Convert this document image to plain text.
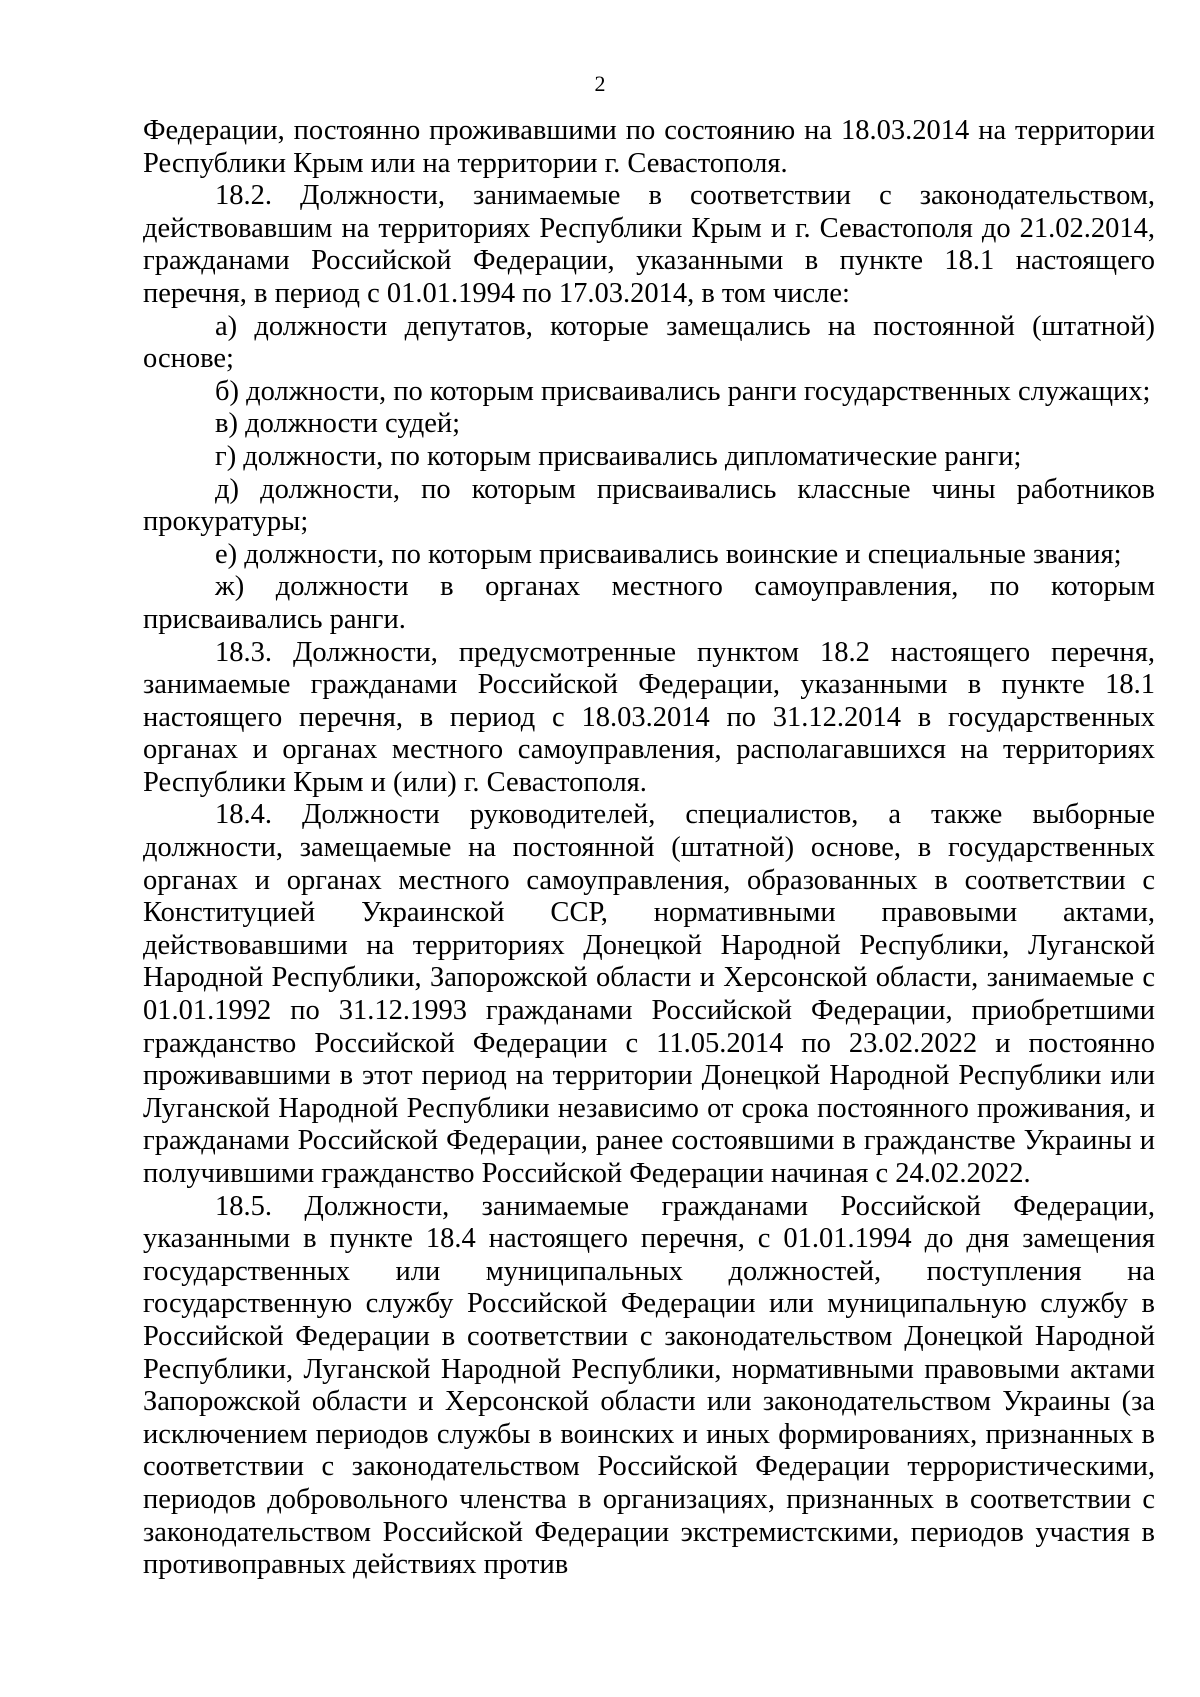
2

Федерации, постоянно проживавшими по состоянию на 18.03.2014 на территории Республики Крым или на территории г. Севастополя.

18.2. Должности, занимаемые в соответствии с законодательством, действовавшим на территориях Республики Крым и г. Севастополя до 21.02.2014, гражданами Российской Федерации, указанными в пункте 18.1 настоящего перечня, в период с 01.01.1994 по 17.03.2014, в том числе:

а) должности депутатов, которые замещались на постоянной (штатной) основе;

б) должности, по которым присваивались ранги государственных служащих;

в) должности судей;

г) должности, по которым присваивались дипломатические ранги;

д) должности, по которым присваивались классные чины работников прокуратуры;

е) должности, по которым присваивались воинские и специальные звания;

ж) должности в органах местного самоуправления, по которым присваивались ранги.

18.3. Должности, предусмотренные пунктом 18.2 настоящего перечня, занимаемые гражданами Российской Федерации, указанными в пункте 18.1 настоящего перечня, в период с 18.03.2014 по 31.12.2014 в государственных органах и органах местного самоуправления, располагавшихся на территориях Республики Крым и (или) г. Севастополя.

18.4. Должности руководителей, специалистов, а также выборные должности, замещаемые на постоянной (штатной) основе, в государственных органах и органах местного самоуправления, образованных в соответствии с Конституцией Украинской ССР, нормативными правовыми актами, действовавшими на территориях Донецкой Народной Республики, Луганской Народной Республики, Запорожской области и Херсонской области, занимаемые с 01.01.1992 по 31.12.1993 гражданами Российской Федерации, приобретшими гражданство Российской Федерации с 11.05.2014 по 23.02.2022 и постоянно проживавшими в этот период на территории Донецкой Народной Республики или Луганской Народной Республики независимо от срока постоянного проживания, и гражданами Российской Федерации, ранее состоявшими в гражданстве Украины и получившими гражданство Российской Федерации начиная с 24.02.2022.

18.5. Должности, занимаемые гражданами Российской Федерации, указанными в пункте 18.4 настоящего перечня, с 01.01.1994 до дня замещения государственных или муниципальных должностей, поступления на государственную службу Российской Федерации или муниципальную службу в Российской Федерации в соответствии с законодательством Донецкой Народной Республики, Луганской Народной Республики, нормативными правовыми актами Запорожской области и Херсонской области или законодательством Украины (за исключением периодов службы в воинских и иных формированиях, признанных в соответствии с законодательством Российской Федерации террористическими, периодов добровольного членства в организациях, признанных в соответствии с законодательством Российской Федерации экстремистскими, периодов участия в противоправных действиях против
